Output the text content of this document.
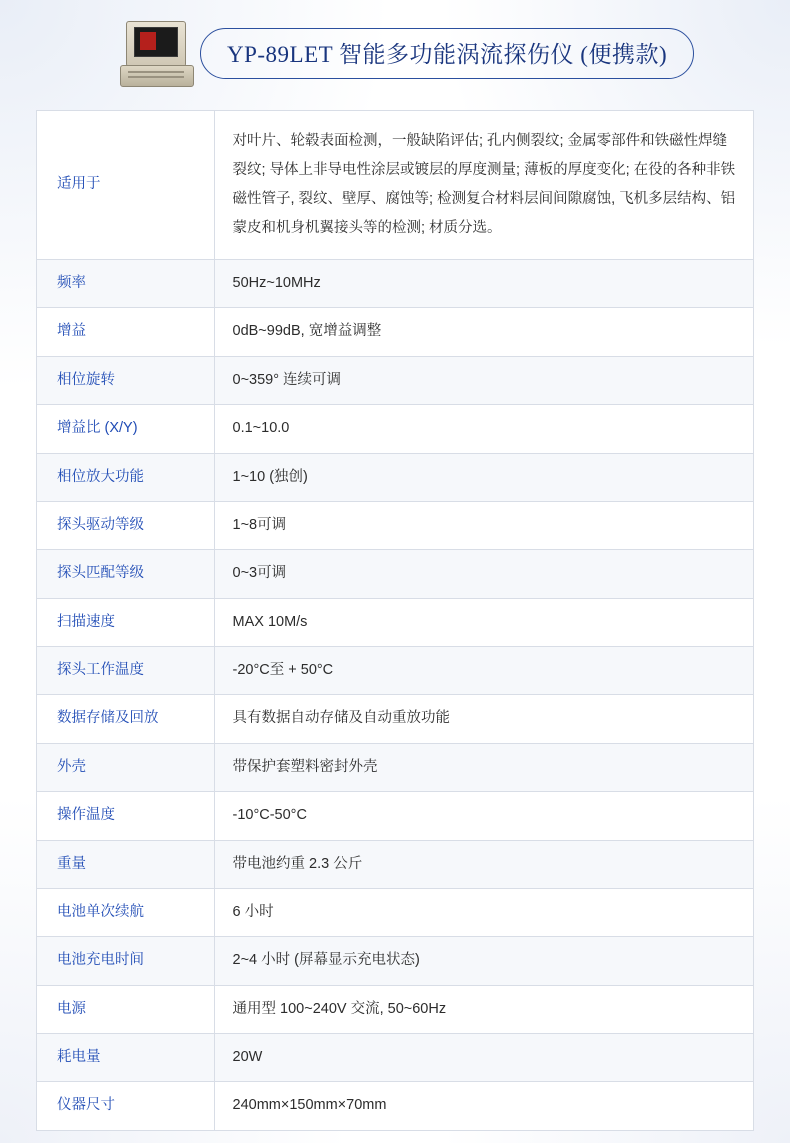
YP-89LET 智能多功能涡流探伤仪 (便携款)
适用于	对叶片、轮毂表面检测，一般缺陷评估; 孔内侧裂纹; 金属零部件和铁磁性焊缝裂纹; 导体上非导电性涂层或镀层的厚度测量; 薄板的厚度变化; 在役的各种非铁磁性管子, 裂纹、壁厚、腐蚀等; 检测复合材料层间间隙腐蚀, 飞机多层结构、铝蒙皮和机身机翼接头等的检测; 材质分选。
频率	50Hz~10MHz
增益	0dB~99dB, 宽增益调整
相位旋转	0~359° 连续可调
增益比 (X/Y)	0.1~10.0
相位放大功能	1~10 (独创)
探头驱动等级	1~8可调
探头匹配等级	0~3可调
扫描速度	MAX 10M/s
探头工作温度	-20°C至 + 50°C
数据存储及回放	具有数据自动存储及自动重放功能
外壳	带保护套塑料密封外壳
操作温度	-10°C-50°C
重量	带电池约重 2.3 公斤
电池单次续航	6 小时
电池充电时间	2~4 小时 (屏幕显示充电状态)
电源	通用型 100~240V 交流, 50~60Hz
耗电量	20W
仪器尺寸	240mm×150mm×70mm
